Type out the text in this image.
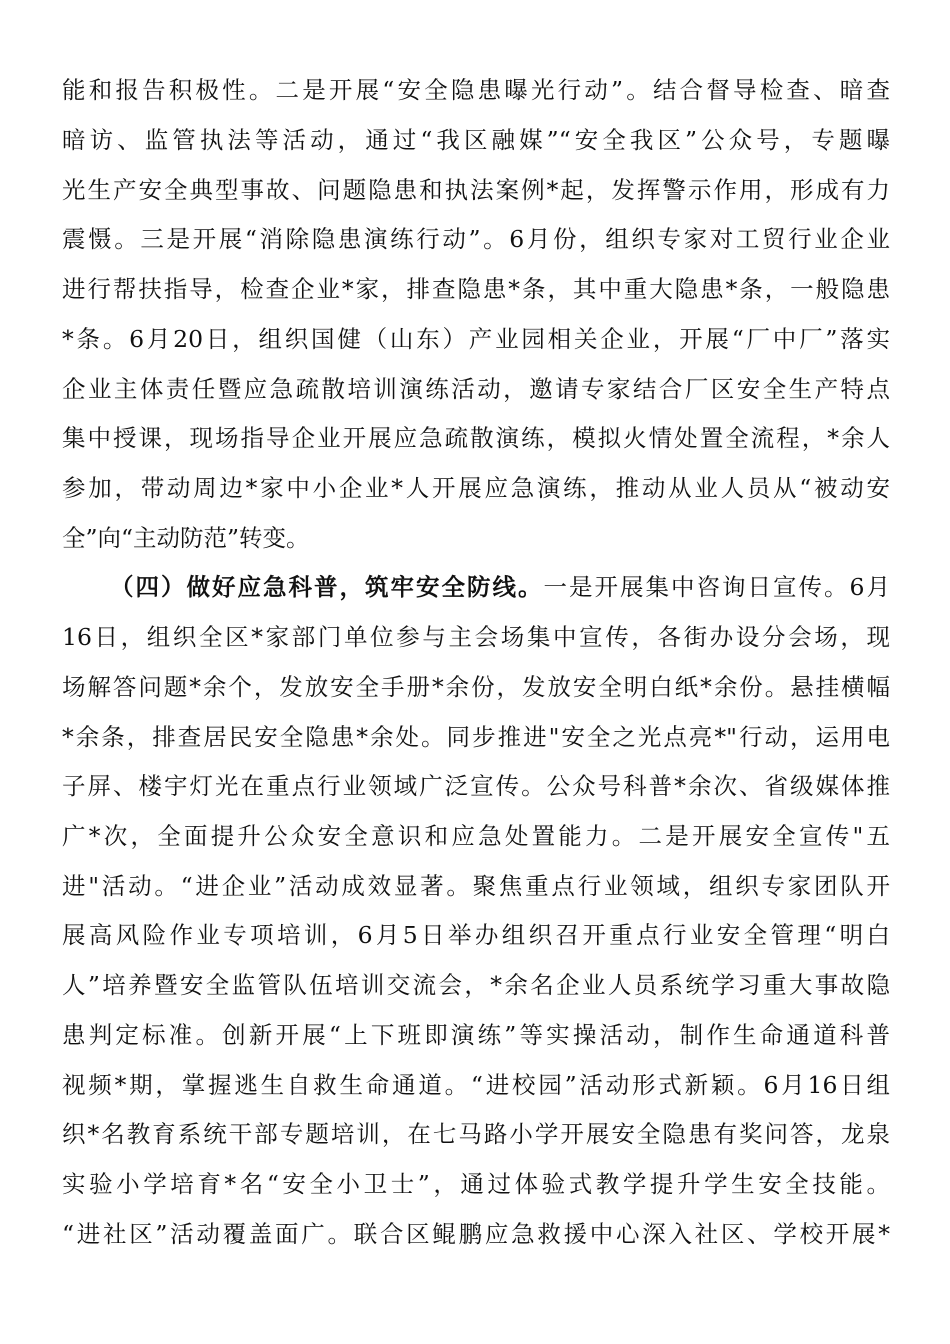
能和报告积极性。二是开展“安全隐患曝光行动”。结合督导检查、暗查
暗访、监管执法等活动，通过“我区融媒”“安全我区”公众号，专题曝
光生产安全典型事故、问题隐患和执法案例*起，发挥警示作用，形成有力
震慑。三是开展“消除隐患演练行动”。6月份，组织专家对工贸行业企业
进行帮扶指导，检查企业*家，排查隐患*条，其中重大隐患*条，一般隐患
*条。6月20日，组织国健（山东）产业园相关企业，开展“厂中厂”落实
企业主体责任暨应急疏散培训演练活动，邀请专家结合厂区安全生产特点
集中授课，现场指导企业开展应急疏散演练，模拟火情处置全流程，*余人
参加，带动周边*家中小企业*人开展应急演练，推动从业人员从“被动安
全”向“主动防范”转变。
（四）做好应急科普，筑牢安全防线。一是开展集中咨询日宣传。6月
16日，组织全区*家部门单位参与主会场集中宣传，各街办设分会场，现
场解答问题*余个，发放安全手册*余份，发放安全明白纸*余份。悬挂横幅
*余条，排查居民安全隐患*余处。同步推进"安全之光点亮*"行动，运用电
子屏、楼宇灯光在重点行业领域广泛宣传。公众号科普*余次、省级媒体推
广*次，全面提升公众安全意识和应急处置能力。二是开展安全宣传"五
进"活动。“进企业”活动成效显著。聚焦重点行业领域，组织专家团队开
展高风险作业专项培训，6月5日举办组织召开重点行业安全管理“明白
人”培养暨安全监管队伍培训交流会，*余名企业人员系统学习重大事故隐
患判定标准。创新开展“上下班即演练”等实操活动，制作生命通道科普
视频*期，掌握逃生自救生命通道。“进校园”活动形式新颖。6月16日组
织*名教育系统干部专题培训，在七马路小学开展安全隐患有奖问答，龙泉
实验小学培育*名“安全小卫士”，通过体验式教学提升学生安全技能。
“进社区”活动覆盖面广。联合区鲲鹏应急救援中心深入社区、学校开展*
